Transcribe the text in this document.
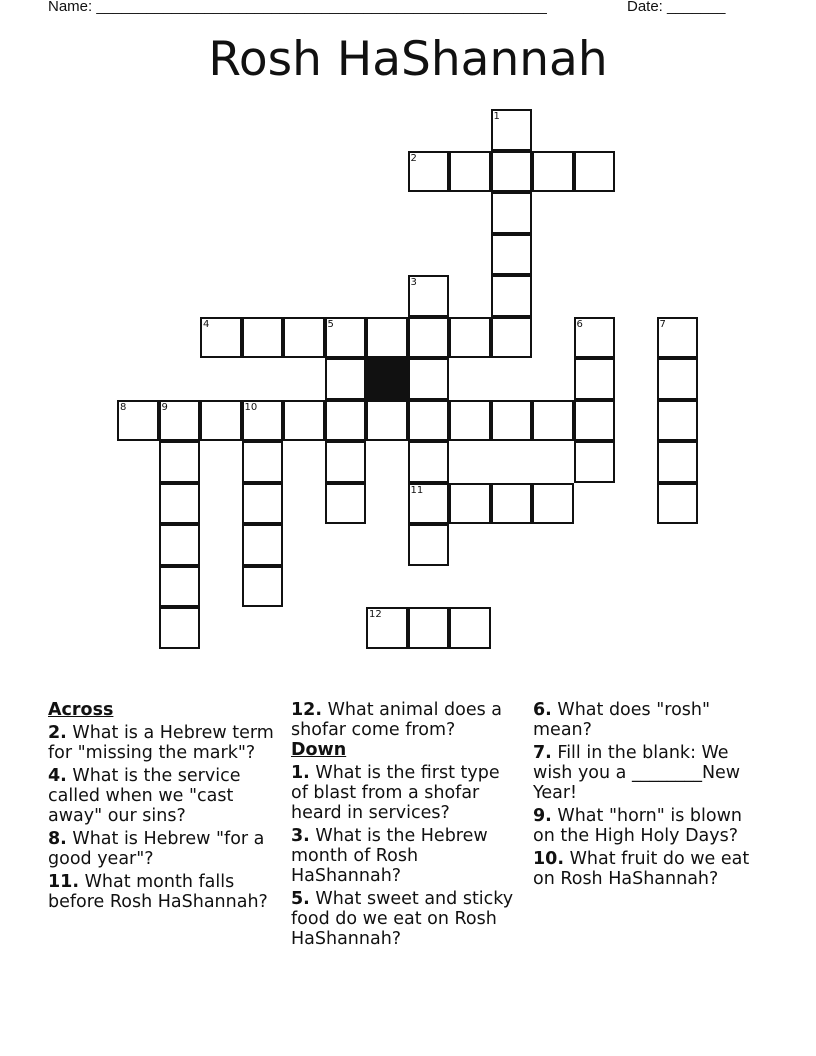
Name: ______________________________________________________	Date: _______
Rosh HaShannah
1
2
3
4	5	6	7
8	9	10
11
12

Across

2. What is a Hebrew term for "missing the mark"?

4. What is the service called when we "cast away" our sins?

8. What is Hebrew "for a good year"?

11. What month falls before Rosh HaShannah?

12. What animal does a shofar come from?

Down

1. What is the first type of blast from a shofar heard in services?

3. What is the Hebrew month of Rosh HaShannah?

5. What sweet and sticky food do we eat on Rosh HaShannah?

6. What does "rosh" mean?

7. Fill in the blank: We wish you a ________New Year!

9. What "horn" is blown on the High Holy Days?

10. What fruit do we eat on Rosh HaShannah?
